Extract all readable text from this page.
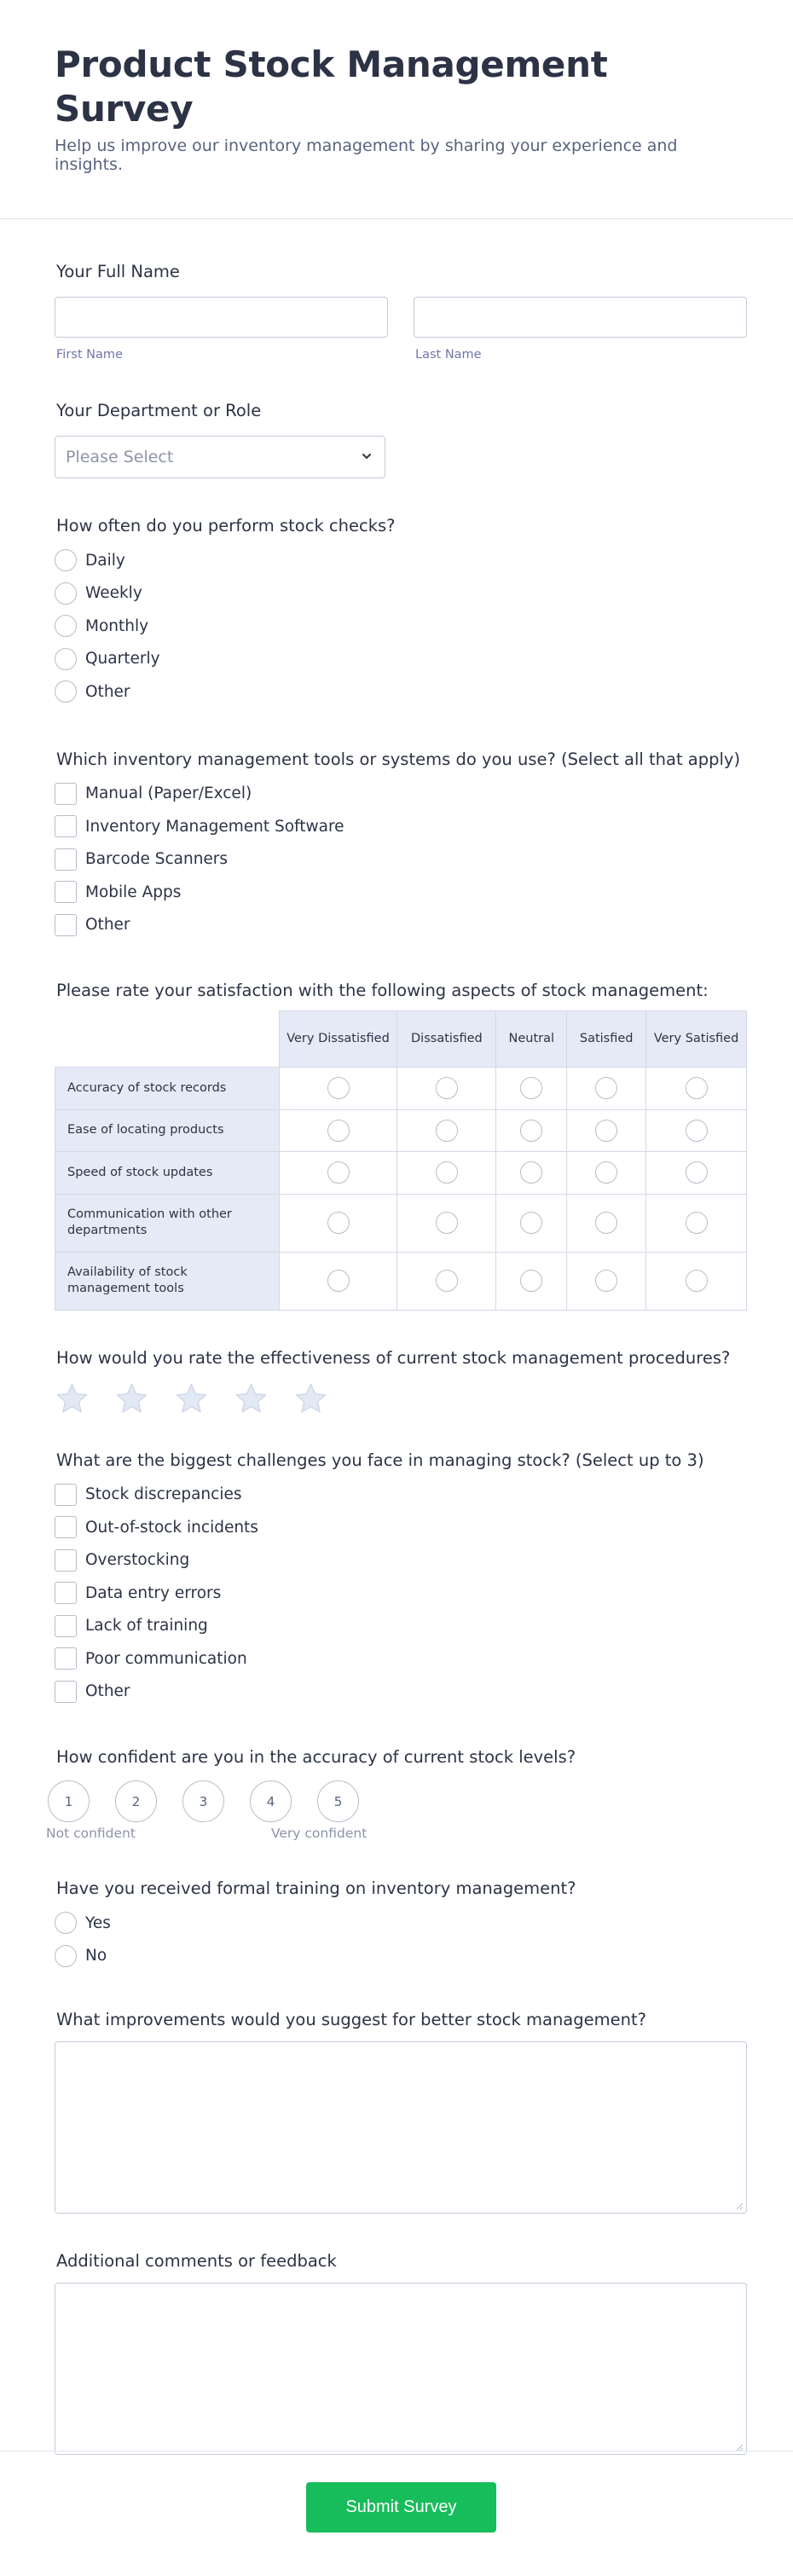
Product Stock Management Survey
Help us improve our inventory management by sharing your experience and insights.
Your Full Name
First Name	Last Name
Your Department or Role
Please Select
How often do you perform stock checks?
Daily
Weekly
Monthly
Quarterly
Other
Which inventory management tools or systems do you use? (Select all that apply)
Manual (Paper/Excel)
Inventory Management Software
Barcode Scanners
Mobile Apps
Other
Please rate your satisfaction with the following aspects of stock management:
	Very Dissatisfied	Dissatisfied	Neutral	Satisfied	Very Satisfied
Accuracy of stock records					
Ease of locating products					
Speed of stock updates					
Communication with other departments					
Availability of stock management tools					
How would you rate the effectiveness of current stock management procedures?
What are the biggest challenges you face in managing stock? (Select up to 3)
Stock discrepancies
Out-of-stock incidents
Overstocking
Data entry errors
Lack of training
Poor communication
Other
How confident are you in the accuracy of current stock levels?
1	2	3	4	5
Not confident	Very confident
Have you received formal training on inventory management?
Yes
No
What improvements would you suggest for better stock management?
Additional comments or feedback
Submit Survey
